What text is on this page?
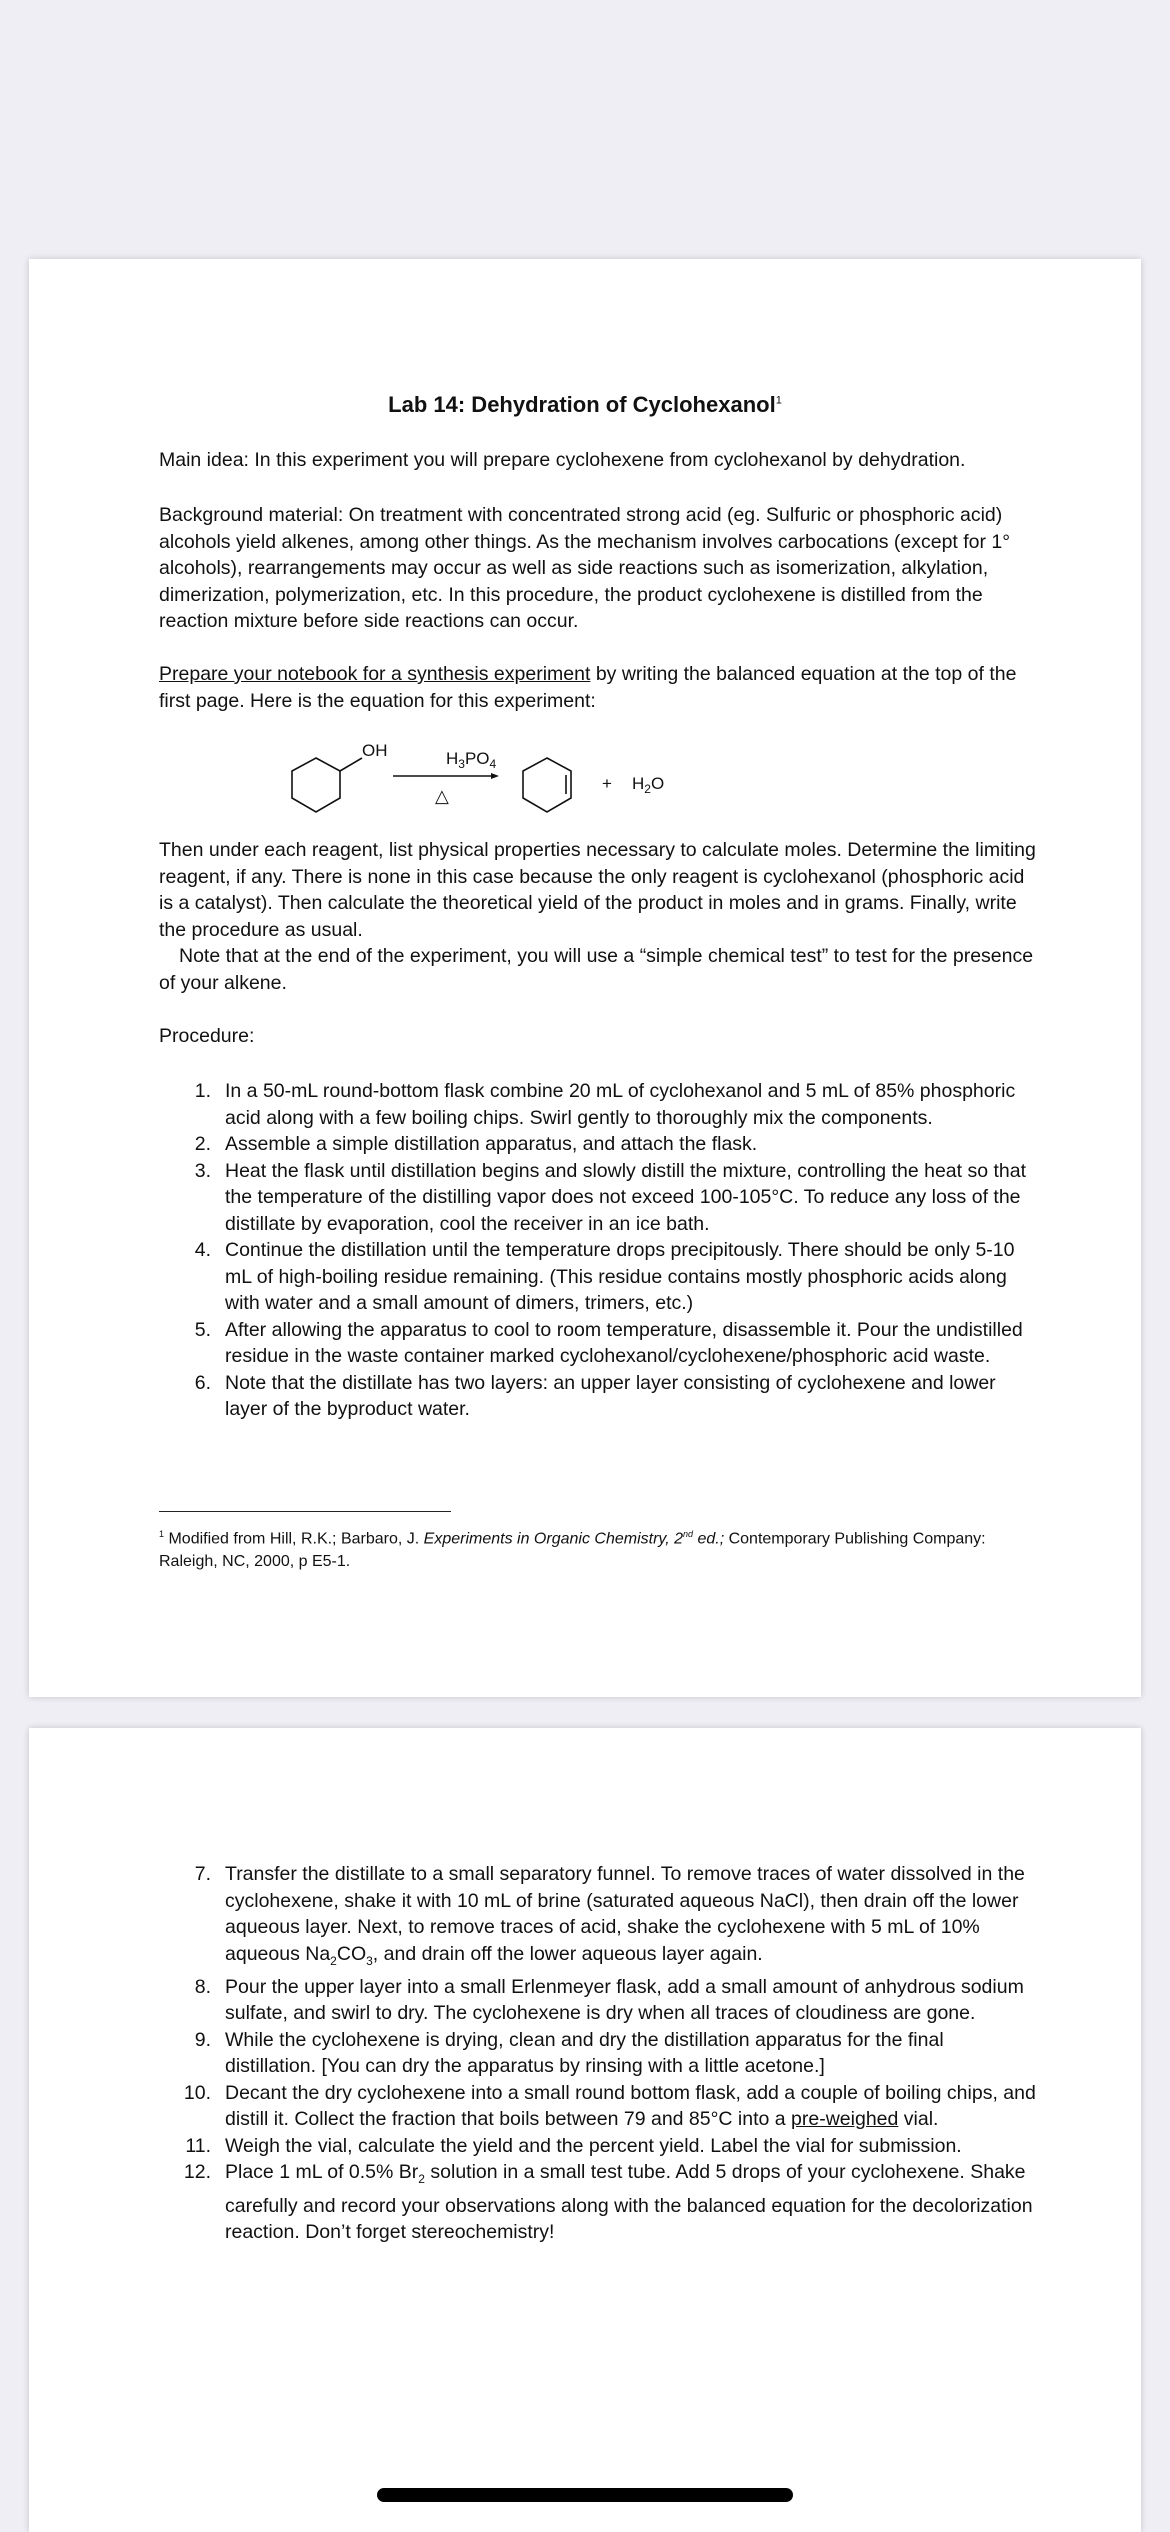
Lab 14: Dehydration of Cyclohexanol$^1$

Main idea: In this experiment you will prepare cyclohexene from cyclohexanol by dehydration.

Background material: On treatment with concentrated strong acid (eg. Sulfuric or phosphoric acid) alcohols yield alkenes, among other things. As the mechanism involves carbocations (except for 1° alcohols), rearrangements may occur as well as side reactions such as isomerization, alkylation, dimerization, polymerization, etc. In this procedure, the product cyclohexene is distilled from the reaction mixture before side reactions can occur.

Prepare your notebook for a synthesis experiment by writing the balanced equation at the top of the first page. Here is the equation for this experiment:

OH	$H_3PO_4$
△
+ $H_2O$

Then under each reagent, list physical properties necessary to calculate moles. Determine the limiting reagent, if any. There is none in this case because the only reagent is cyclohexanol (phosphoric acid is a catalyst). Then calculate the theoretical yield of the product in moles and in grams. Finally, write the procedure as usual.

Note that at the end of the experiment, you will use a “simple chemical test” to test for the presence of your alkene.

Procedure:

1. In a 50-mL round-bottom flask combine 20 mL of cyclohexanol and 5 mL of 85% phosphoric acid along with a few boiling chips. Swirl gently to thoroughly mix the components.
2. Assemble a simple distillation apparatus, and attach the flask.
3. Heat the flask until distillation begins and slowly distill the mixture, controlling the heat so that the temperature of the distilling vapor does not exceed 100-105°C. To reduce any loss of the distillate by evaporation, cool the receiver in an ice bath.
4. Continue the distillation until the temperature drops precipitously. There should be only 5-10 mL of high-boiling residue remaining. (This residue contains mostly phosphoric acids along with water and a small amount of dimers, trimers, etc.)
5. After allowing the apparatus to cool to room temperature, disassemble it. Pour the undistilled residue in the waste container marked cyclohexanol/cyclohexene/phosphoric acid waste.
6. Note that the distillate has two layers: an upper layer consisting of cyclohexene and lower layer of the byproduct water.
$^1$ Modified from Hill, R.K.; Barbaro, J. Experiments in Organic Chemistry, 2nd ed.; Contemporary Publishing Company: Raleigh, NC, 2000, p E5-1.
7. Transfer the distillate to a small separatory funnel. To remove traces of water dissolved in the cyclohexene, shake it with 10 mL of brine (saturated aqueous NaCl), then drain off the lower aqueous layer. Next, to remove traces of acid, shake the cyclohexene with 5 mL of 10% aqueous $Na_2CO_3$, and drain off the lower aqueous layer again.
8. Pour the upper layer into a small Erlenmeyer flask, add a small amount of anhydrous sodium sulfate, and swirl to dry. The cyclohexene is dry when all traces of cloudiness are gone.
9. While the cyclohexene is drying, clean and dry the distillation apparatus for the final distillation. [You can dry the apparatus by rinsing with a little acetone.]
10. Decant the dry cyclohexene into a small round bottom flask, add a couple of boiling chips, and distill it. Collect the fraction that boils between 79 and 85°C into a pre-weighed vial.
11. Weigh the vial, calculate the yield and the percent yield. Label the vial for submission.
12. Place 1 mL of 0.5% $Br_2$ solution in a small test tube. Add 5 drops of your cyclohexene. Shake carefully and record your observations along with the balanced equation for the decolorization reaction. Don’t forget stereochemistry!
